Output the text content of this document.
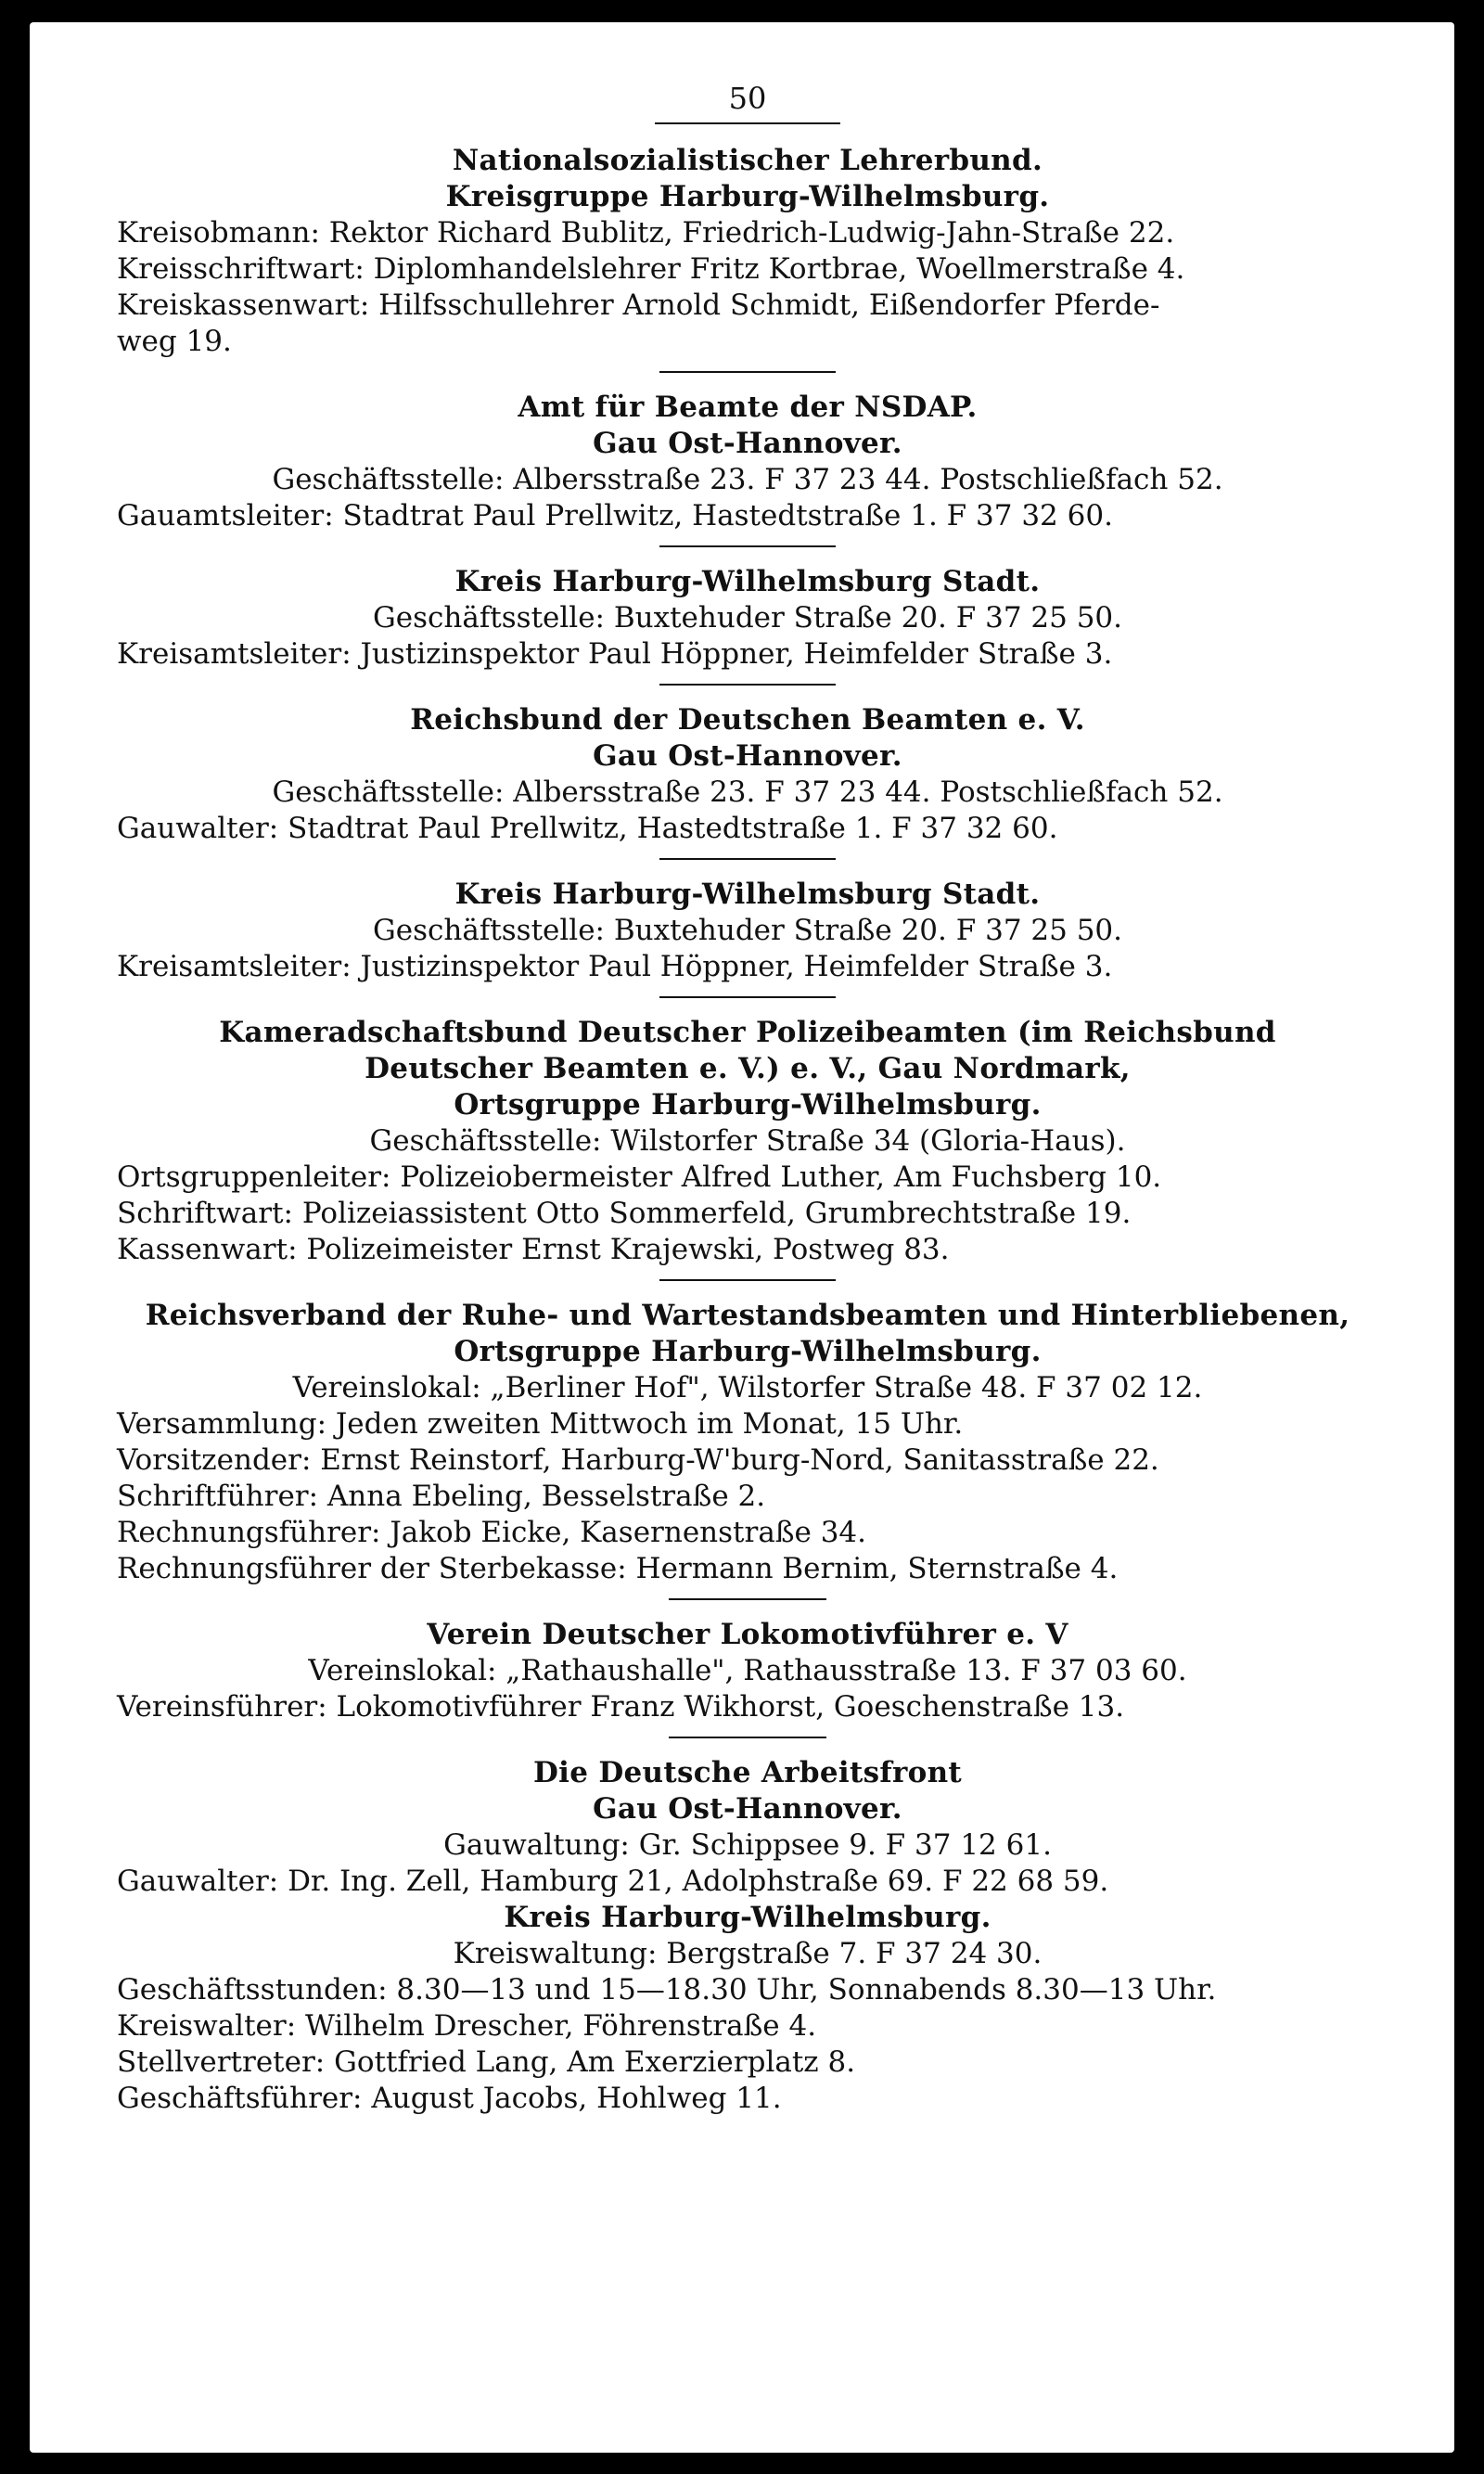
50
Nationalsozialistischer Lehrerbund.
Kreisgruppe Harburg-Wilhelmsburg.
Kreisobmann: Rektor Richard Bublitz, Friedrich-Ludwig-Jahn-Straße 22.
Kreisschriftwart: Diplomhandelslehrer Fritz Kortbrae, Woellmerstraße 4.
Kreiskassenwart: Hilfsschullehrer Arnold Schmidt, Eißendorfer Pferde-
weg 19.
Amt für Beamte der NSDAP.
Gau Ost-Hannover.
Geschäftsstelle: Albersstraße 23. F 37 23 44. Postschließfach 52.
Gauamtsleiter: Stadtrat Paul Prellwitz, Hastedtstraße 1. F 37 32 60.
Kreis Harburg-Wilhelmsburg Stadt.
Geschäftsstelle: Buxtehuder Straße 20. F 37 25 50.
Kreisamtsleiter: Justizinspektor Paul Höppner, Heimfelder Straße 3.
Reichsbund der Deutschen Beamten e. V.
Gau Ost-Hannover.
Geschäftsstelle: Albersstraße 23. F 37 23 44. Postschließfach 52.
Gauwalter: Stadtrat Paul Prellwitz, Hastedtstraße 1. F 37 32 60.
Kreis Harburg-Wilhelmsburg Stadt.
Geschäftsstelle: Buxtehuder Straße 20. F 37 25 50.
Kreisamtsleiter: Justizinspektor Paul Höppner, Heimfelder Straße 3.
Kameradschaftsbund Deutscher Polizeibeamten (im Reichsbund
Deutscher Beamten e. V.) e. V., Gau Nordmark,
Ortsgruppe Harburg-Wilhelmsburg.
Geschäftsstelle: Wilstorfer Straße 34 (Gloria-Haus).
Ortsgruppenleiter: Polizeiobermeister Alfred Luther, Am Fuchsberg 10.
Schriftwart: Polizeiassistent Otto Sommerfeld, Grumbrechtstraße 19.
Kassenwart: Polizeimeister Ernst Krajewski, Postweg 83.
Reichsverband der Ruhe- und Wartestandsbeamten und Hinterbliebenen,
Ortsgruppe Harburg-Wilhelmsburg.
Vereinslokal: „Berliner Hof", Wilstorfer Straße 48. F 37 02 12.
Versammlung: Jeden zweiten Mittwoch im Monat, 15 Uhr.
Vorsitzender: Ernst Reinstorf, Harburg-W'burg-Nord, Sanitasstraße 22.
Schriftführer: Anna Ebeling, Besselstraße 2.
Rechnungsführer: Jakob Eicke, Kasernenstraße 34.
Rechnungsführer der Sterbekasse: Hermann Bernim, Sternstraße 4.
Verein Deutscher Lokomotivführer e. V
Vereinslokal: „Rathaushalle", Rathausstraße 13. F 37 03 60.
Vereinsführer: Lokomotivführer Franz Wikhorst, Goeschenstraße 13.
Die Deutsche Arbeitsfront
Gau Ost-Hannover.
Gauwaltung: Gr. Schippsee 9. F 37 12 61.
Gauwalter: Dr. Ing. Zell, Hamburg 21, Adolphstraße 69. F 22 68 59.
Kreis Harburg-Wilhelmsburg.
Kreiswaltung: Bergstraße 7. F 37 24 30.
Geschäftsstunden: 8.30—13 und 15—18.30 Uhr, Sonnabends 8.30—13 Uhr.
Kreiswalter: Wilhelm Drescher, Föhrenstraße 4.
Stellvertreter: Gottfried Lang, Am Exerzierplatz 8.
Geschäftsführer: August Jacobs, Hohlweg 11.
